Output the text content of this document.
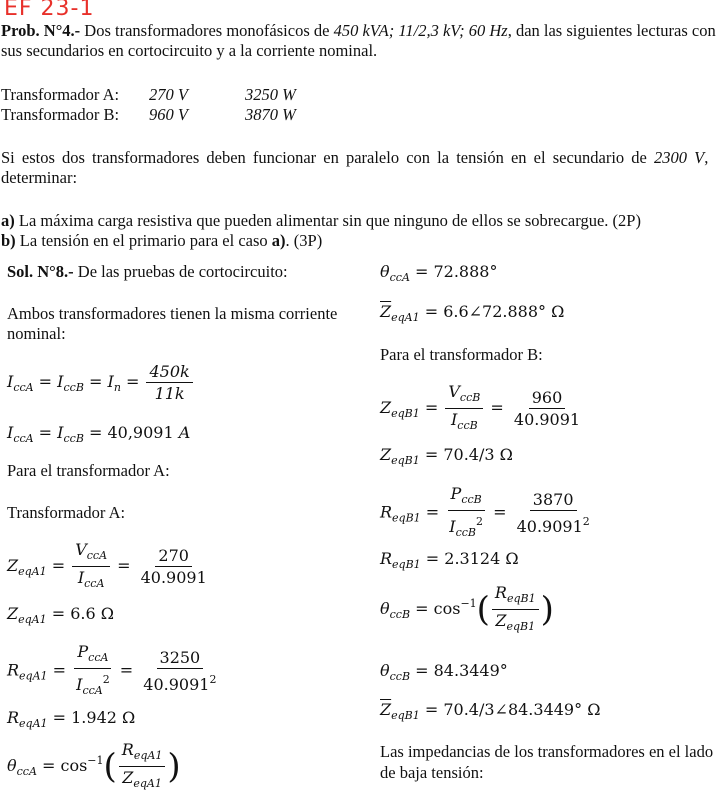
EF 23-1
Prob. N°4.- Dos transformadores monofásicos de 450 kVA; 11/2,3 kV; 60 Hz, dan las siguientes lecturas con
sus secundarios en cortocircuito y a la corriente nominal.
Transformador A: 270 V	3250 W
Transformador B: 960 V	3870 W
Si estos dos transformadores deben funcionar en paralelo con la tensión en el secundario de 2300 V,
determinar:
a) La máxima carga resistiva que pueden alimentar sin que ninguno de ellos se sobrecargue. (2P)
b) La tensión en el primario para el caso a). (3P)
Sol. N°8.- De las pruebas de cortocircuito:
Ambos transformadores tienen la misma corriente
nominal:
$I_{ccA} = I_{ccB} = I_n = \frac{450k}{11k}$
$I_{ccA} = I_{ccB} = 40,9091$ A
Para el transformador A:
Transformador A:
$Z_{eqA1} = \frac{V_{ccA}}{I_{ccA}} = \frac{270}{40.9091}$
$Z_{eqA1} = 6.6$ Ω
$R_{eqA1} = \frac{P_{ccA}}{I_{ccA}^2} = \frac{3250}{40.9091^2}$
$R_{eqA1} = 1.942$ Ω
$\theta_{ccA} = \cos^{-1}( \frac{R_{eqA1}}{Z_{eqA1}}$ )
$\theta_{ccA} = 72.888^\circ$
$\overline{Z}_{eqA1}$ = 6.6∠72.888° Ω
Para el transformador B:
$Z_{eqB1} = \frac{V_{ccB}}{I_{ccB}} = \frac{960}{40.9091}$
$Z_{eqB1} = 70.4/3$ Ω
$R_{eqB1} = \frac{P_{ccB}}{I_{ccB}^2} = \frac{3870}{40.9091^2}$
$R_{eqB1} = 2.3124$ Ω
$\theta_{ccB} = \cos^{-1}( \frac{R_{eqB1}}{Z_{eqB1}}$ )
$\theta_{ccB} = 84.3449^\circ$
$\overline{Z}_{eqB1}$ = 70.4/3∠84.3449° Ω
Las impedancias de los transformadores en el lado
de baja tensión:
